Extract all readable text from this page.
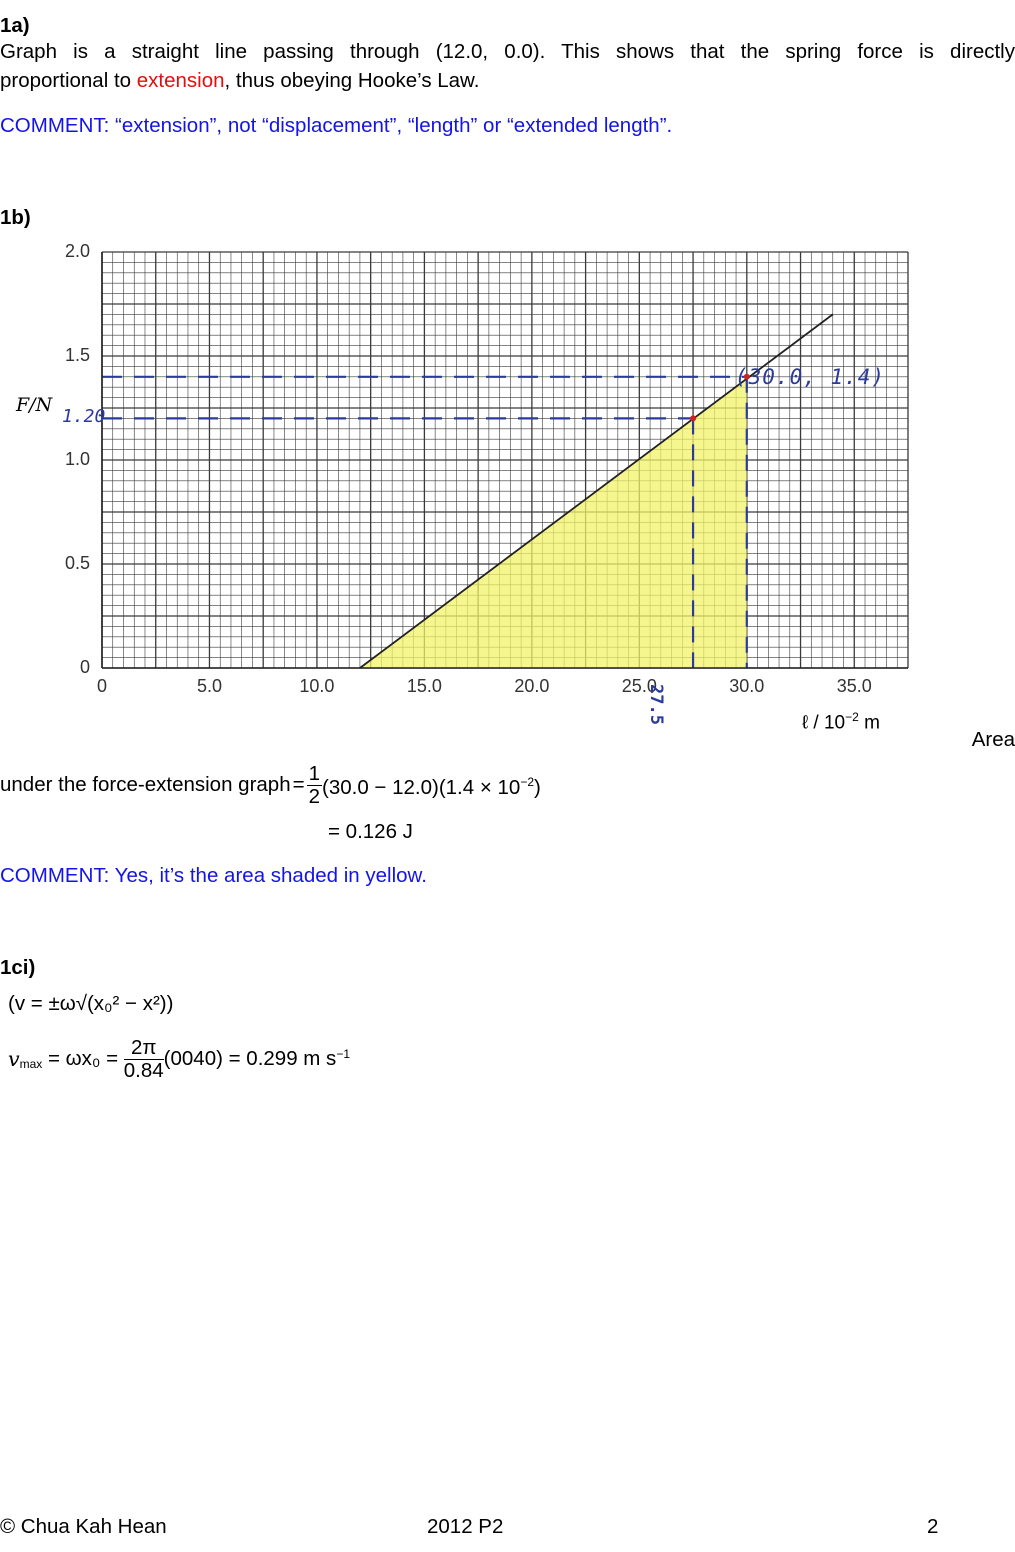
1a)
Graph is a straight line passing through (12.0, 0.0). This shows that the spring force is directly
proportional to extension, thus obeying Hooke’s Law.
COMMENT: “extension”, not “displacement”, “length” or “extended length”.
1b)
F/N
0
0.5
1.0
1.5
2.0
0	5.0	10.0	15.0	20.0	25.0	30.0	35.0
ℓ / $10^{-2}$ m
(30.0, 1.4)
1.20
27.5
Area
under the force-extension graph = $\frac{1}{2} (30.0 - 12.0)(1.4 \times 10^{-2})$
= 0.126 J
COMMENT: Yes, it’s the area shaded in yellow.
1ci)
(v = ±ω√(x₀² − x²))
$v_{max} = \omega x_0 = \frac{2\pi}{0.84} (0040) = 0.299$ m $s^{-1}$
© Chua Kah Hean	2012 P2	2
